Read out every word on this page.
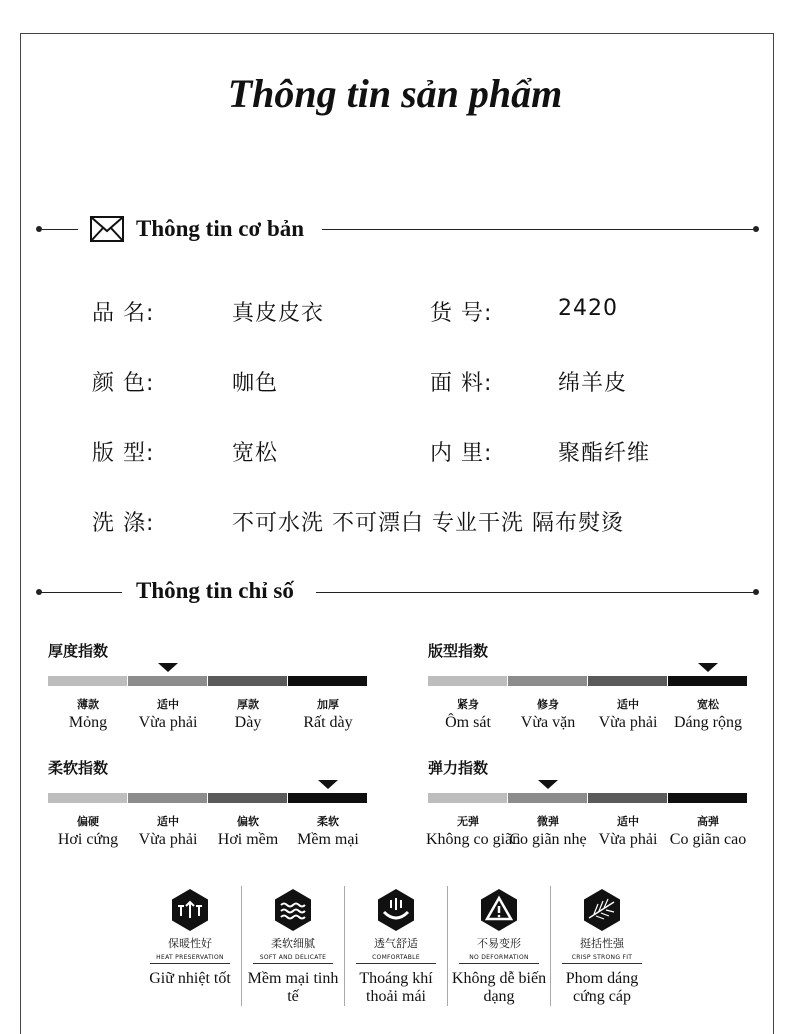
Thông tin sản phẩm
Thông tin cơ bản
品 名:	真皮皮衣	货 号:	2420
颜 色:	咖色	面 料:	绵羊皮
版 型:	宽松	内 里:	聚酯纤维
洗 涤:	不可水洗 不可漂白 专业干洗 隔布熨烫
Thông tin chỉ số
厚度指数
薄款
Mỏng
适中
Vừa phải
厚款
Dày
加厚
Rất dày
版型指数
紧身
Ôm sát
修身
Vừa vặn
适中
Vừa phải
宽松
Dáng rộng
柔软指数
偏硬
Hơi cứng
适中
Vừa phải
偏软
Hơi mềm
柔软
Mềm mại
弹力指数
无弹
Không co giãn
微弹
Co giãn nhẹ
适中
Vừa phải
高弹
Co giãn cao
保暖性好
HEAT PRESERVATION
Giữ nhiệt tốt
柔软细腻
SOFT AND DELICATE
Mềm mại tinh tế
透气舒适
COMFORTABLE
Thoáng khí thoải mái
不易变形
NO DEFORMATION
Không dễ biến dạng
挺括性强
CRISP STRONG FIT
Phom dáng cứng cáp
